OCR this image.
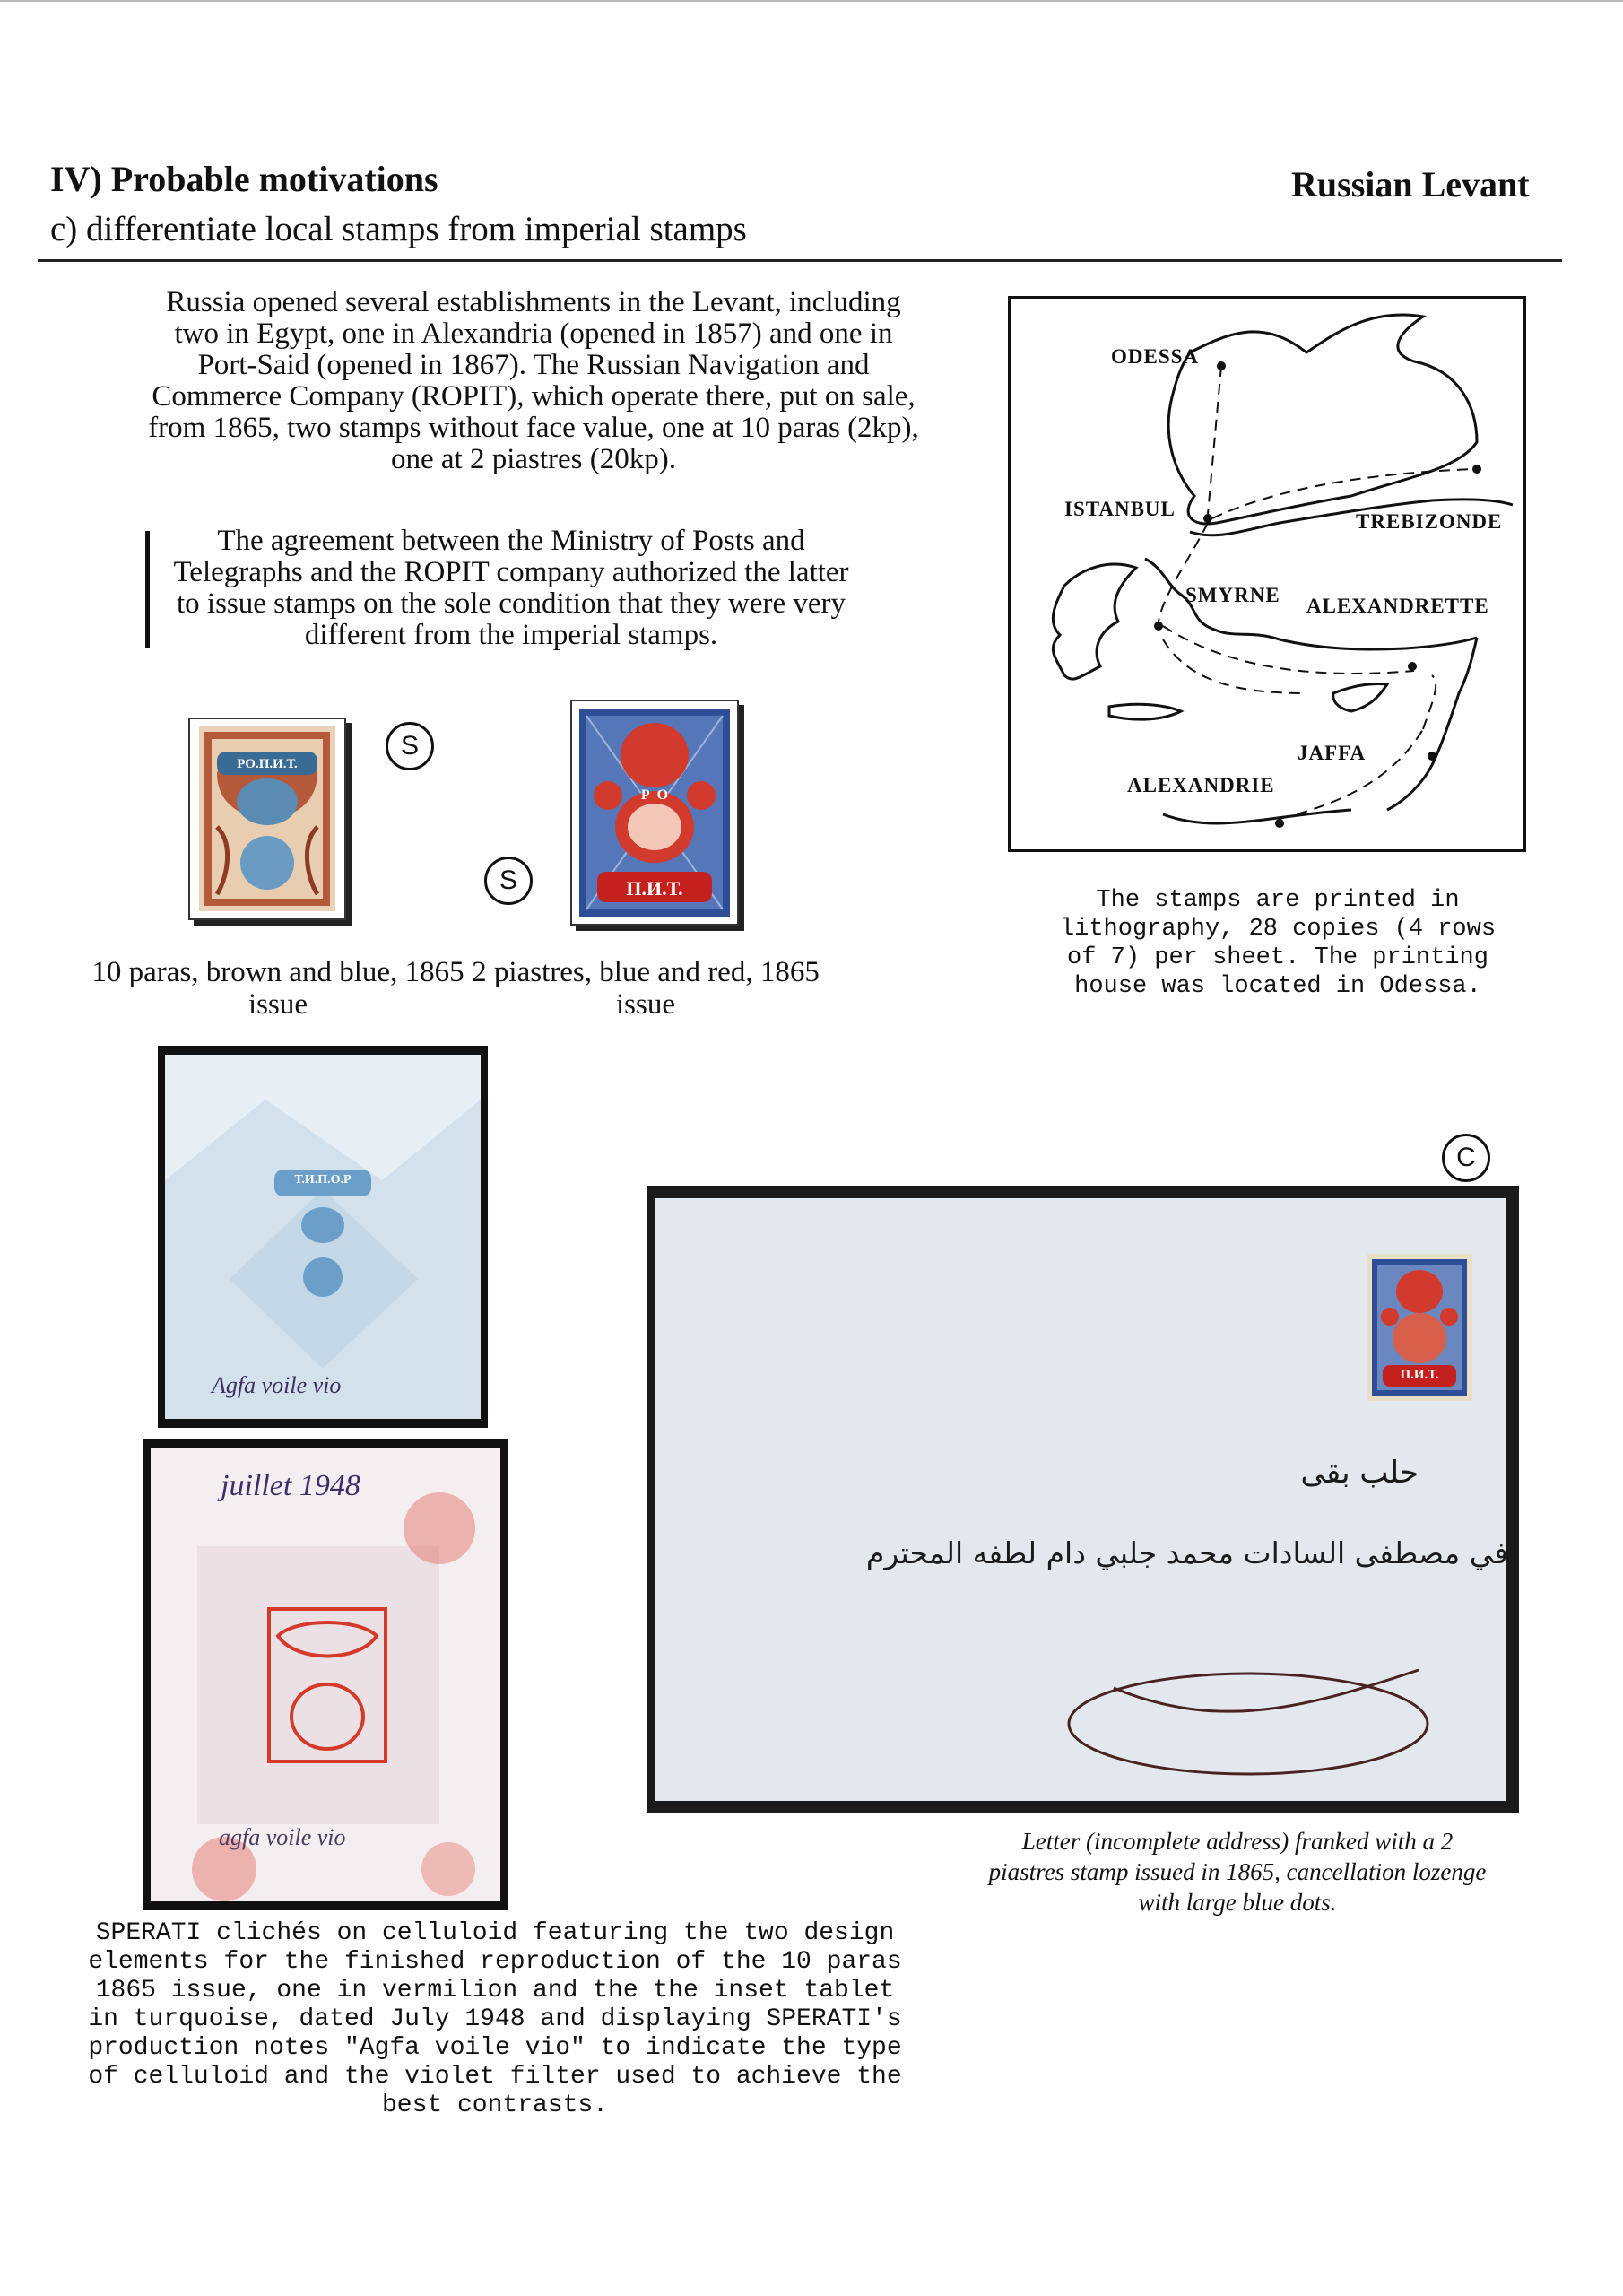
IV) Probable motivations
c) differentiate local stamps from imperial stamps
Russian Levant
Russia opened several establishments in the Levant, including two in Egypt, one in Alexandria (opened in 1857) and one in Port-Said (opened in 1867). The Russian Navigation and Commerce Company (ROPIT), which operate there, put on sale, from 1865, two stamps without face value, one at 10 paras (2kp), one at 2 piastres (20kp).
The agreement between the Ministry of Posts and Telegraphs and the ROPIT company authorized the latter to issue stamps on the sole condition that they were very different from the imperial stamps.
ODESSA
ISTANBUL
TREBIZONDE
SMYRNE ALEXANDRETTE
JAFFA
ALEXANDRIE
The stamps are printed in lithography, 28 copies (4 rows of 7) per sheet. The printing house was located in Odessa.
РО.П.И.Т.
S
Р  О
П.И.Т.
S
10 paras, brown and blue, 1865 issue
2 piastres, blue and red, 1865 issue
Т.И.П.О.Р
Agfa voile vio
juillet 1948
agfa voile vio
SPERATI clichés on celluloid featuring the two design elements for the finished reproduction of the 10 paras 1865 issue, one in vermilion and the the inset tablet in turquoise, dated July 1948 and displaying SPERATI's production notes "Agfa voile vio" to indicate the type of celluloid and the violet filter used to achieve the best contrasts.
C
П.И.Т.
حلب بقى
في مصطفى السادات محمد جلبي دام لطفه المحترم
Letter (incomplete address) franked with a 2 piastres stamp issued in 1865, cancellation lozenge with large blue dots.
